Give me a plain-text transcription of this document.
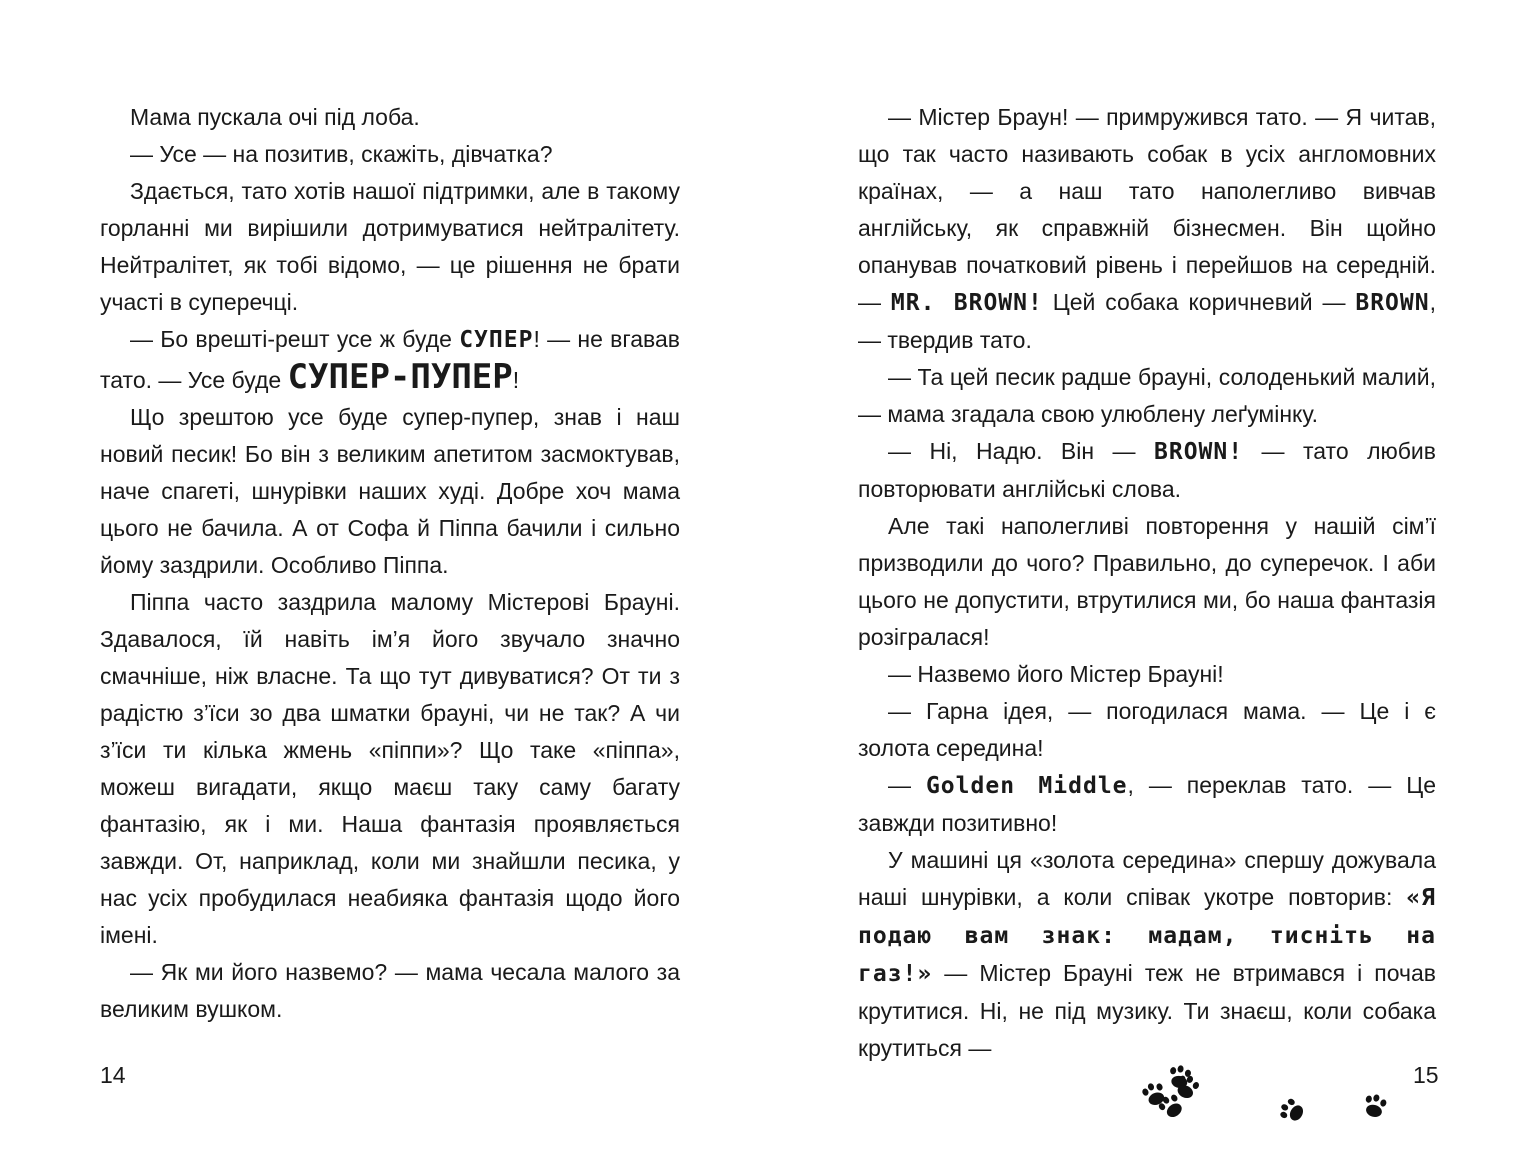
Мама пускала очі під лоба.

— Усе — на позитив, скажіть, дівчатка?

Здається, тато хотів нашої підтримки, але в такому горланні ми вирішили дотримуватися нейтралітету. Нейтралітет, як тобі відомо, — це рішення не брати участі в суперечці.

— Бо врешті-решт усе ж буде СУПЕР! — не вгавав тато. — Усе буде СУПЕР-ПУПЕР!

Що зрештою усе буде супер-пупер, знав і наш новий песик! Бо він з великим апетитом засмоктував, наче спагеті, шнурівки наших худі. Добре хоч мама цього не бачила. А от Софа й Піппа бачили і сильно йому заздрили. Особливо Піппа.

Піппа часто заздрила малому Містерові Брауні. Здавалося, їй навіть ім’я його звучало значно смачніше, ніж власне. Та що тут дивуватися? От ти з радістю з’їси зо два шматки брауні, чи не так? А чи з’їси ти кілька жмень «піппи»? Що таке «піппа», можеш вигадати, якщо маєш таку саму багату фантазію, як і ми. Наша фантазія проявляється завжди. От, наприклад, коли ми знайшли песика, у нас усіх пробудилася неабияка фантазія щодо його імені.

— Як ми його назвемо? — мама чесала малого за великим вушком.

14

— Містер Браун! — примружився тато. — Я читав, що так часто називають собак в усіх англомовних країнах, — а наш тато наполегливо вивчав англійську, як справжній бізнесмен. Він щойно опанував початковий рівень і перейшов на середній. — MR. BROWN! Цей собака коричневий — BROWN, — твердив тато.

— Та цей песик радше брауні, солоденький малий, — мама згадала свою улюблену леґумінку.

— Ні, Надю. Він — BROWN! — тато любив повторювати англійські слова.

Але такі наполегливі повторення у нашій сім’ї призводили до чого? Правильно, до суперечок. І аби цього не допустити, втрутилися ми, бо наша фантазія розігралася!

— Назвемо його Містер Брауні!

— Гарна ідея, — погодилася мама. — Це і є золота середина!

— Golden Middle, — переклав тато. — Це завжди позитивно!

У машині ця «золота середина» спершу дожувала наші шнурівки, а коли співак укотре повторив: «Я подаю вам знак: мадам, тисніть на газ!» — Містер Брауні теж не втримався і почав крутитися. Ні, не під музику. Ти знаєш, коли собака крутиться —

15
